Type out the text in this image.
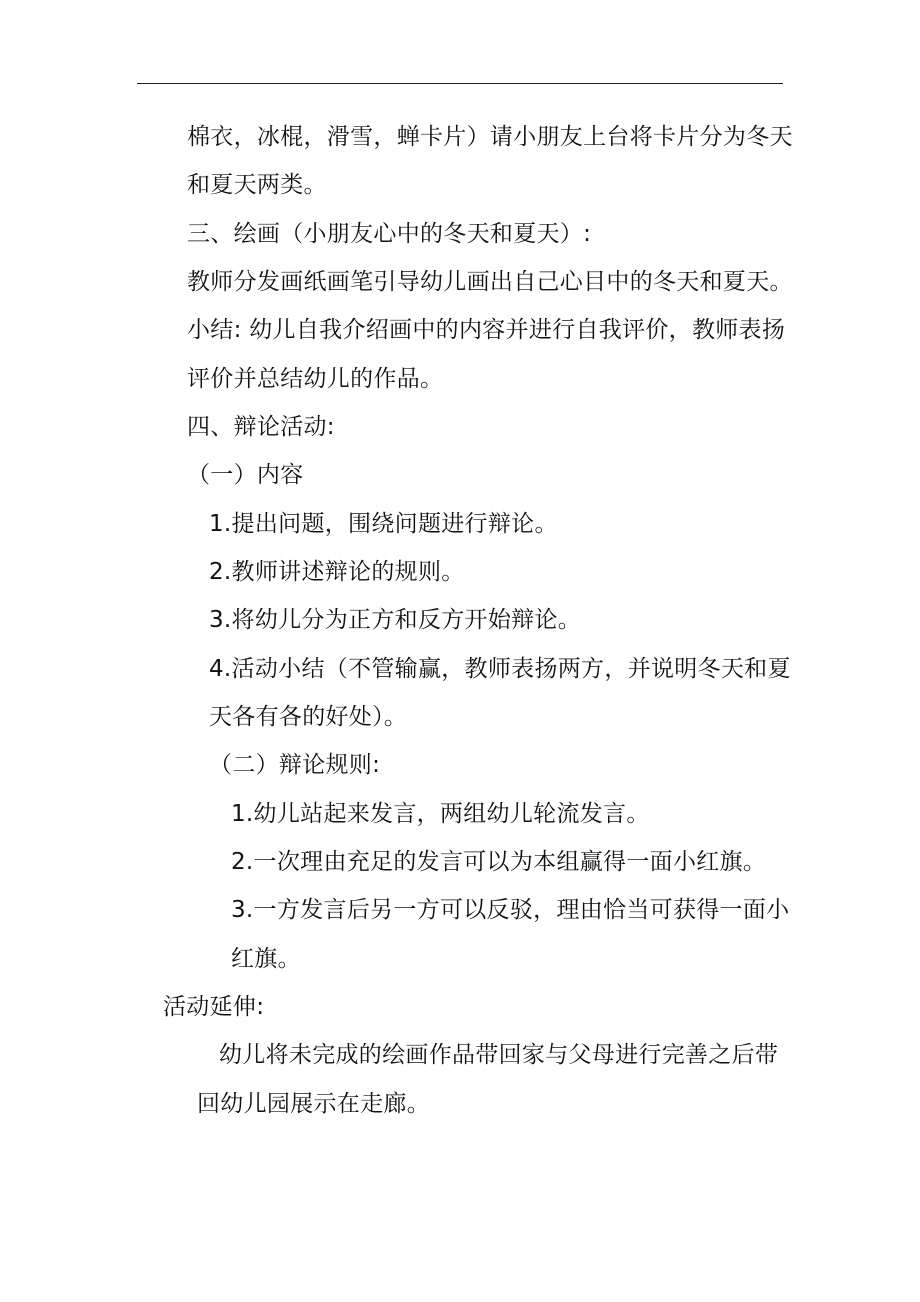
棉衣，冰棍，滑雪，蝉卡片）请小朋友上台将卡片分为冬天
和夏天两类。
三、绘画（小朋友心中的冬天和夏天）:
教师分发画纸画笔引导幼儿画出自己心目中的冬天和夏天。
小结: 幼儿自我介绍画中的内容并进行自我评价，教师表扬
评价并总结幼儿的作品。
四、辩论活动:
（一）内容
1.提出问题，围绕问题进行辩论。
2.教师讲述辩论的规则。
3.将幼儿分为正方和反方开始辩论。
4.活动小结（不管输赢，教师表扬两方，并说明冬天和夏
天各有各的好处）。
（二）辩论规则:
1.幼儿站起来发言，两组幼儿轮流发言。
2.一次理由充足的发言可以为本组赢得一面小红旗。
3.一方发言后另一方可以反驳，理由恰当可获得一面小
红旗。
活动延伸:
幼儿将未完成的绘画作品带回家与父母进行完善之后带
回幼儿园展示在走廊。
